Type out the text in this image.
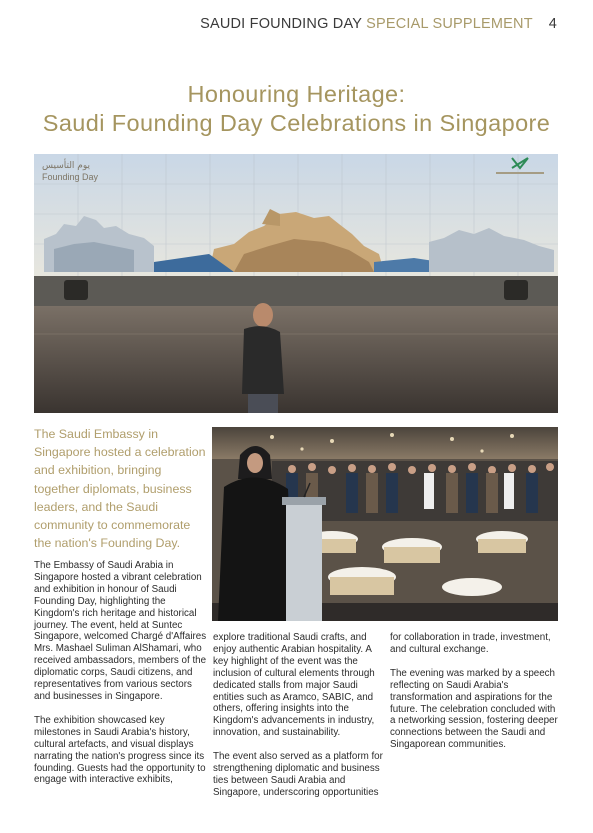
SAUDI FOUNDING DAY SPECIAL SUPPLEMENT 4
Honouring Heritage:
Saudi Founding Day Celebrations in Singapore
يوم التأسيس
Founding Day
The Saudi Embassy in Singapore hosted a celebration and exhibition, bringing together diplomats, business leaders, and the Saudi community to commemorate the nation's Founding Day.

The Embassy of Saudi Arabia in Singapore hosted a vibrant celebration and exhibition in honour of Saudi Founding Day, highlighting the Kingdom's rich heritage and historical journey. The event, held at Suntec Singapore, welcomed Chargé d'Affaires Mrs. Mashael Suliman AlShamari, who received ambassadors, members of the diplomatic corps, Saudi citizens, and representatives from various sectors and businesses in Singapore.

The exhibition showcased key milestones in Saudi Arabia's history, cultural artefacts, and visual displays narrating the nation's progress since its founding. Guests had the opportunity to engage with interactive exhibits,

explore traditional Saudi crafts, and enjoy authentic Arabian hospitality. A key highlight of the event was the inclusion of cultural elements through dedicated stalls from major Saudi entities such as Aramco, SABIC, and others, offering insights into the Kingdom's advancements in industry, innovation, and sustainability.

The event also served as a platform for strengthening diplomatic and business ties between Saudi Arabia and Singapore, underscoring opportunities

for collaboration in trade, investment, and cultural exchange.

The evening was marked by a speech reflecting on Saudi Arabia's transformation and aspirations for the future. The celebration concluded with a networking session, fostering deeper connections between the Saudi and Singaporean communities.
